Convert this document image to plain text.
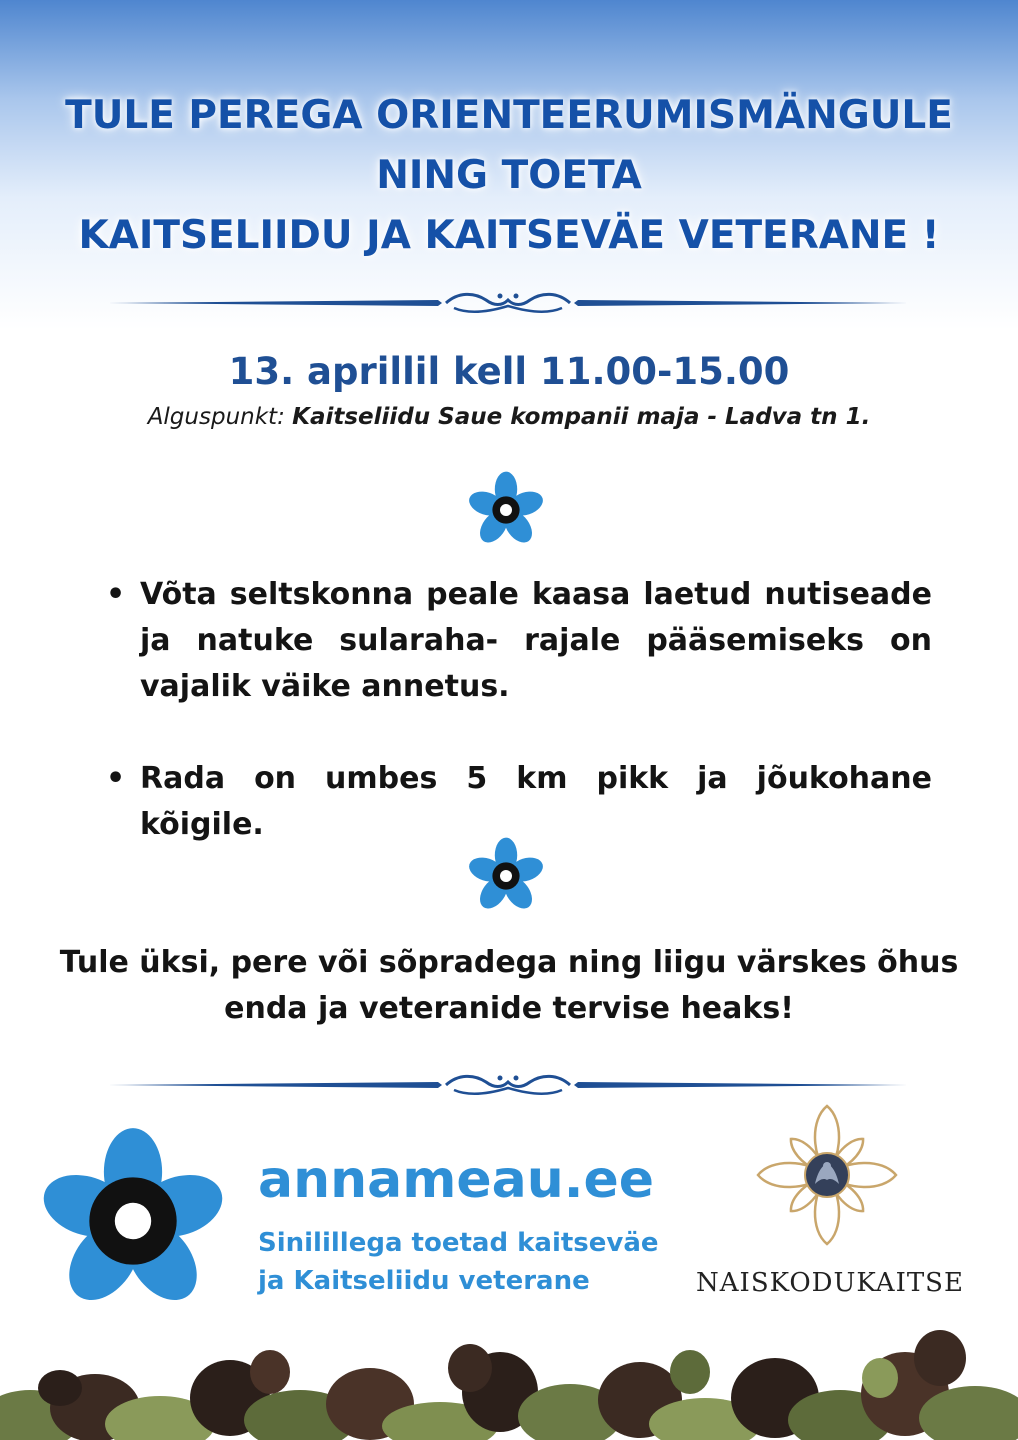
TULE PEREGA ORIENTEERUMISMÄNGULE
NING TOETA
KAITSELIIDU JA KAITSEVÄE VETERANE !
13. aprillil kell 11.00-15.00
Alguspunkt: Kaitseliidu Saue kompanii maja - Ladva tn 1.
• Võta seltskonna peale kaasa laetud nutiseade ja natuke sularaha- rajale pääsemiseks on vajalik väike annetus.
• Rada on umbes 5 km pikk ja jõukohane kõigile.
Tule üksi, pere või sõpradega ning liigu värskes õhus
enda ja veteranide tervise heaks!
annameau.ee
Sinilillega toetad kaitseväe
ja Kaitseliidu veterane	NAISKODUKAITSE
